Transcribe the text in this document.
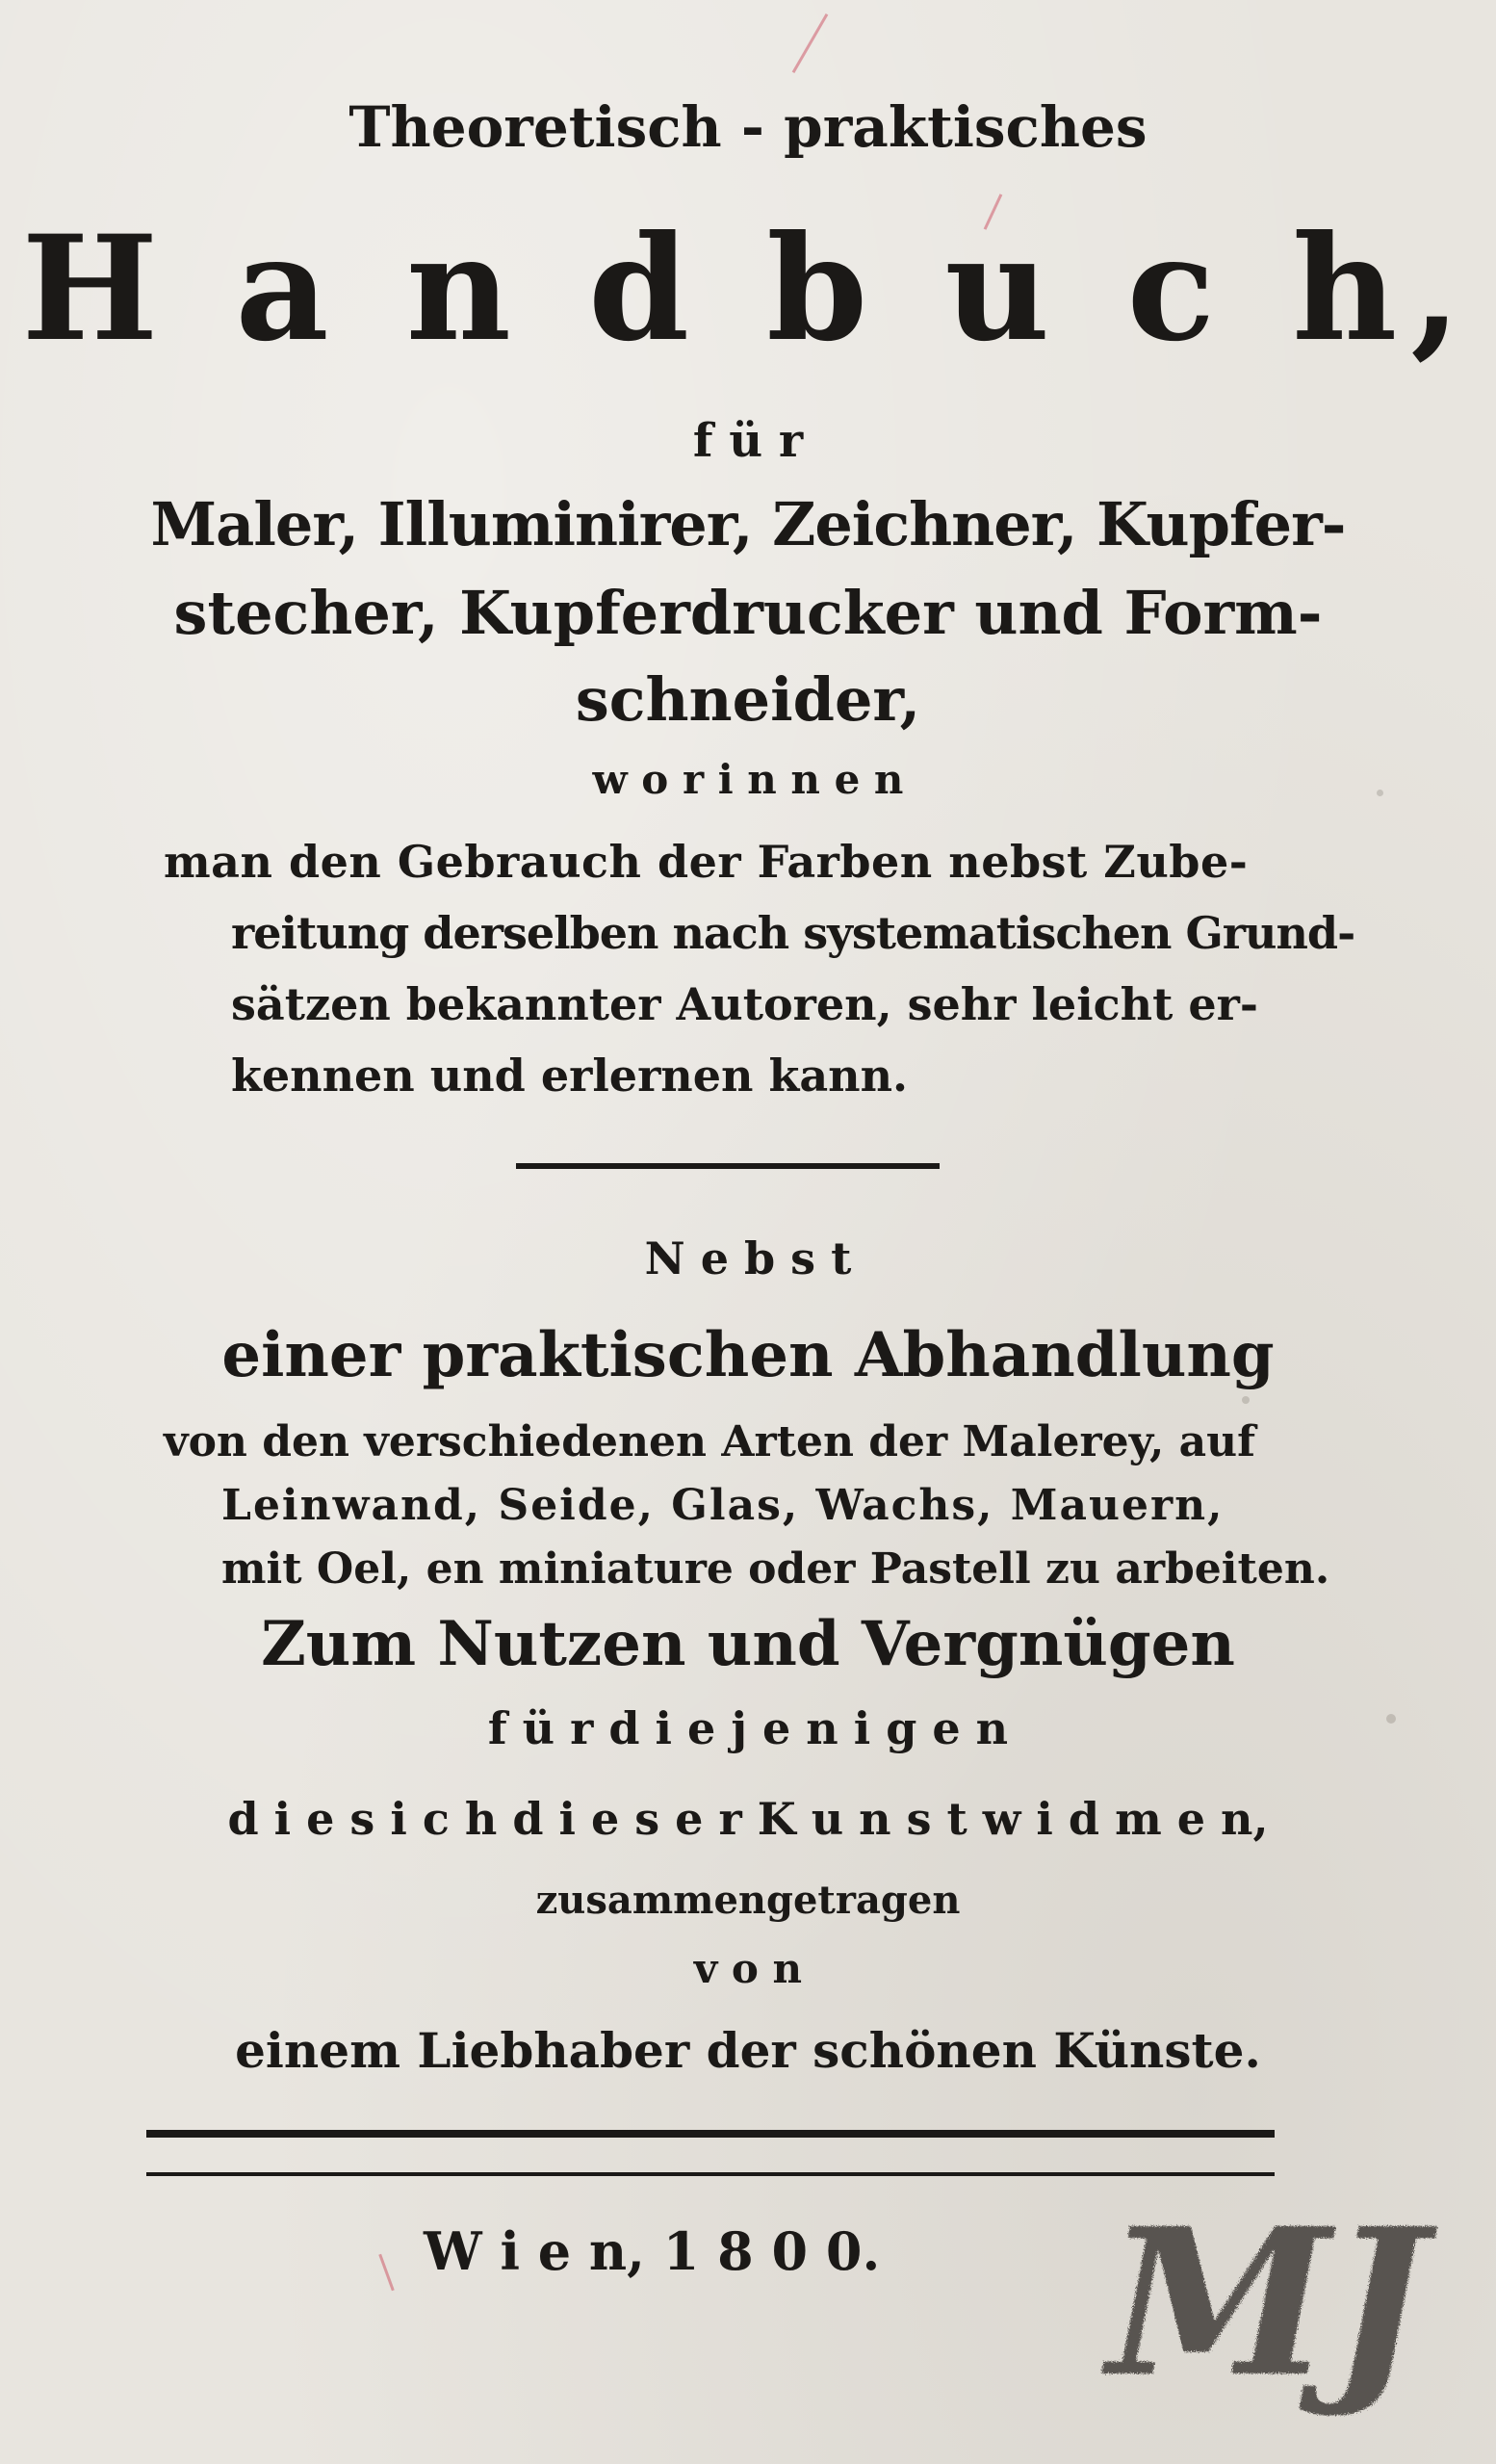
Theoretisch - praktisches
H a n d b u c h,
f ü r
Maler, Illuminirer, Zeichner, Kupfer-
stecher, Kupferdrucker und Form-
schneider,
w o r i n n e n
man den Gebrauch der Farben nebst Zube-
reitung derselben nach systematischen Grund-
sätzen bekannter Autoren, sehr leicht er-
kennen und erlernen kann.
N e b s t
einer praktischen Abhandlung
von den verschiedenen Arten der Malerey, auf
Leinwand, Seide, Glas, Wachs, Mauern,
mit Oel, en miniature oder Pastell zu arbeiten.
Zum Nutzen und Vergnügen
f ü r d i e j e n i g e n
d i e s i c h d i e s e r K u n s t w i d m e n,
zusammengetragen
v o n
einem Liebhaber der schönen Künste.
W i e n, 1 8 0 0. MJ
